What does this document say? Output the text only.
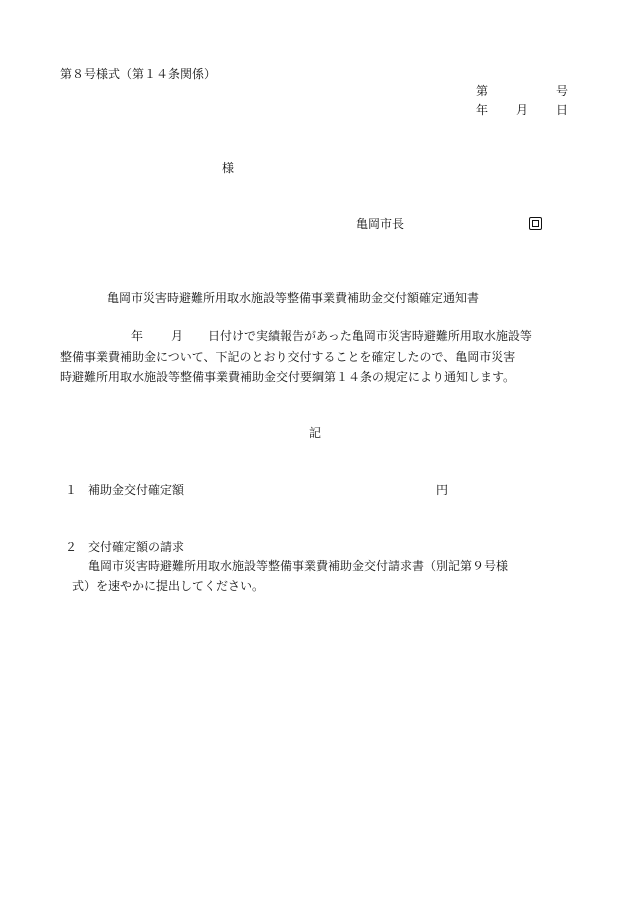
第８号様式（第１４条関係）
第	号
年 月 日
様
亀岡市長
亀岡市災害時避難所用取水施設等整備事業費補助金交付額確定通知書
年 月 日付けで実績報告があった亀岡市災害時避難所用取水施設等
整備事業費補助金について、下記のとおり交付することを確定したので、亀岡市災害
時避難所用取水施設等整備事業費補助金交付要綱第１４条の規定により通知します。
記
１ 補助金交付確定額	円
２ 交付確定額の請求
亀岡市災害時避難所用取水施設等整備事業費補助金交付請求書（別記第９号様
式）を速やかに提出してください。
